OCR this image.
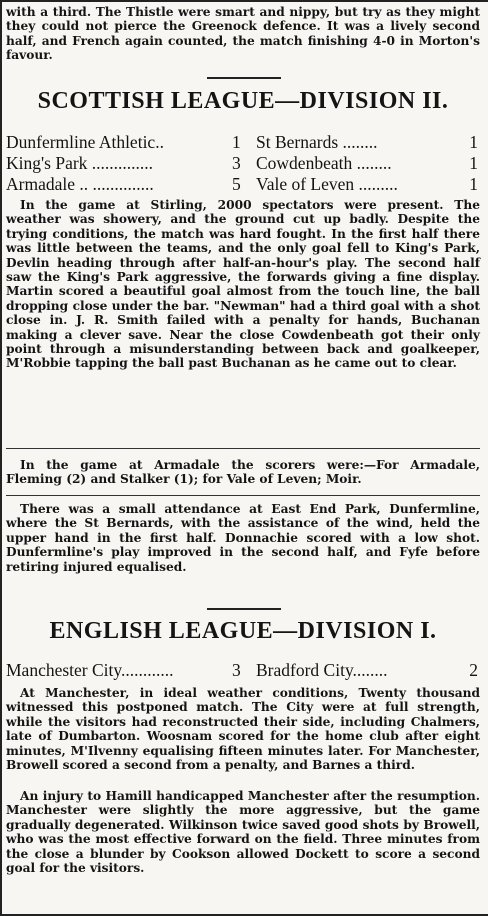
with a third. The Thistle were smart and nippy, but try as they might they could not pierce the Greenock defence. It was a lively second half, and French again counted, the match finishing 4-0 in Morton's favour.

SCOTTISH LEAGUE—DIVISION II.
Dunfermline Athletic..	1 St Bernards ........	1
King's Park ..............	3 Cowdenbeath ........	1
Armadale .. ..............	5 Vale of Leven .........	1

In the game at Stirling, 2000 spectators were present. The weather was showery, and the ground cut up badly. Despite the trying conditions, the match was hard fought. In the first half there was little between the teams, and the only goal fell to King's Park, Devlin heading through after half-an-hour's play. The second half saw the King's Park aggressive, the forwards giving a fine display. Martin scored a beautiful goal almost from the touch line, the ball dropping close under the bar. "Newman" had a third goal with a shot close in. J. R. Smith failed with a penalty for hands, Buchanan making a clever save. Near the close Cowdenbeath got their only point through a misunderstanding between back and goalkeeper, M'Robbie tapping the ball past Buchanan as he came out to clear.

In the game at Armadale the scorers were:—For Armadale, Fleming (2) and Stalker (1); for Vale of Leven; Moir.

There was a small attendance at East End Park, Dunfermline, where the St Bernards, with the assistance of the wind, held the upper hand in the first half. Donnachie scored with a low shot. Dunfermline's play improved in the second half, and Fyfe before retiring injured equalised.

ENGLISH LEAGUE—DIVISION I.
Manchester City............	3 Bradford City........	2

At Manchester, in ideal weather conditions, Twenty thousand witnessed this postponed match. The City were at full strength, while the visitors had reconstructed their side, including Chalmers, late of Dumbarton. Woosnam scored for the home club after eight minutes, M'Ilvenny equalising fifteen minutes later. For Manchester, Browell scored a second from a penalty, and Barnes a third.

An injury to Hamill handicapped Manchester after the resumption. Manchester were slightly the more aggressive, but the game gradually degenerated. Wilkinson twice saved good shots by Browell, who was the most effective forward on the field. Three minutes from the close a blunder by Cookson allowed Dockett to score a second goal for the visitors.
